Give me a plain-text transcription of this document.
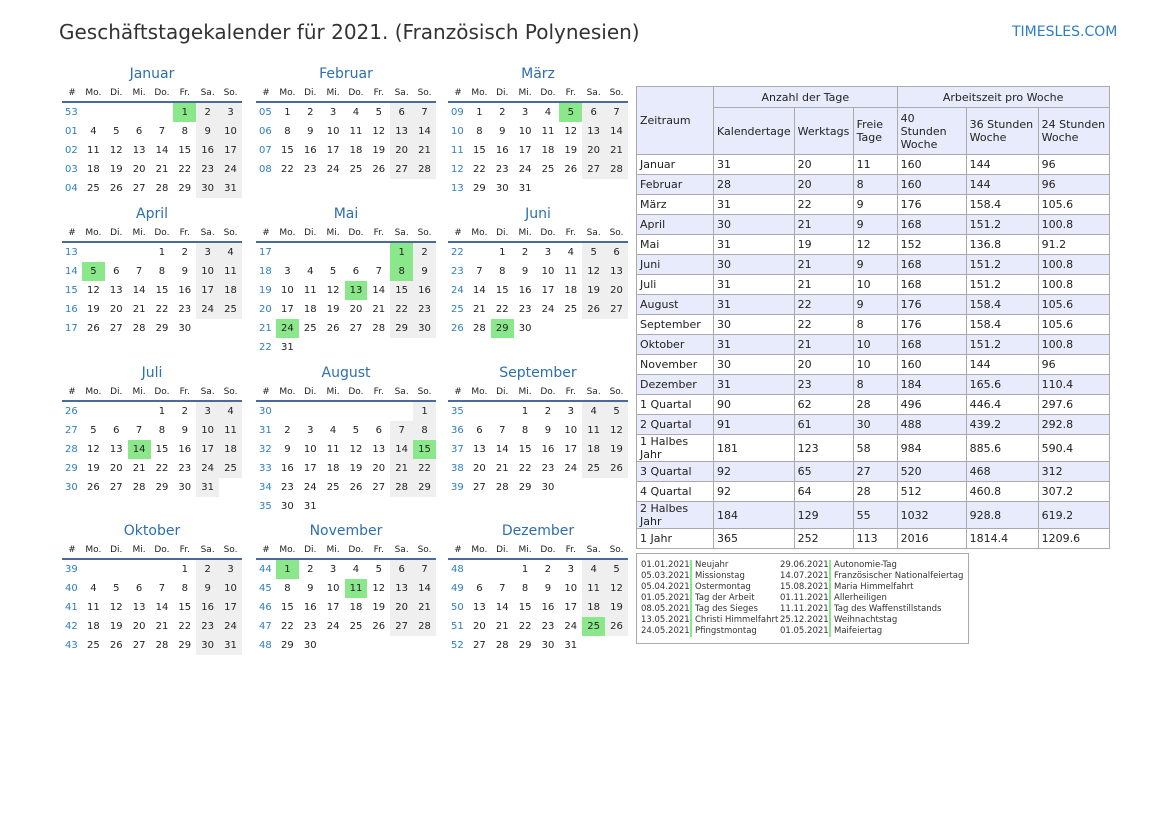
Geschäftstagekalender für 2021. (Französisch Polynesien)	TIMESLES.COM
Januar
#	Mo.	Di.	Mi.	Do.	Fr.	Sa.	So.
53					1	2	3
01	4	5	6	7	8	9	10
02	11	12	13	14	15	16	17
03	18	19	20	21	22	23	24
04	25	26	27	28	29	30	31
Februar
#	Mo.	Di.	Mi.	Do.	Fr.	Sa.	So.
05	1	2	3	4	5	6	7
06	8	9	10	11	12	13	14
07	15	16	17	18	19	20	21
08	22	23	24	25	26	27	28
März
#	Mo.	Di.	Mi.	Do.	Fr.	Sa.	So.
09	1	2	3	4	5	6	7
10	8	9	10	11	12	13	14
11	15	16	17	18	19	20	21
12	22	23	24	25	26	27	28
13	29	30	31				
April
#	Mo.	Di.	Mi.	Do.	Fr.	Sa.	So.
13				1	2	3	4
14	5	6	7	8	9	10	11
15	12	13	14	15	16	17	18
16	19	20	21	22	23	24	25
17	26	27	28	29	30		
Mai
#	Mo.	Di.	Mi.	Do.	Fr.	Sa.	So.
17						1	2
18	3	4	5	6	7	8	9
19	10	11	12	13	14	15	16
20	17	18	19	20	21	22	23
21	24	25	26	27	28	29	30
22	31						
Juni
#	Mo.	Di.	Mi.	Do.	Fr.	Sa.	So.
22		1	2	3	4	5	6
23	7	8	9	10	11	12	13
24	14	15	16	17	18	19	20
25	21	22	23	24	25	26	27
26	28	29	30				
Juli
#	Mo.	Di.	Mi.	Do.	Fr.	Sa.	So.
26				1	2	3	4
27	5	6	7	8	9	10	11
28	12	13	14	15	16	17	18
29	19	20	21	22	23	24	25
30	26	27	28	29	30	31	
August
#	Mo.	Di.	Mi.	Do.	Fr.	Sa.	So.
30							1
31	2	3	4	5	6	7	8
32	9	10	11	12	13	14	15
33	16	17	18	19	20	21	22
34	23	24	25	26	27	28	29
35	30	31					
September
#	Mo.	Di.	Mi.	Do.	Fr.	Sa.	So.
35			1	2	3	4	5
36	6	7	8	9	10	11	12
37	13	14	15	16	17	18	19
38	20	21	22	23	24	25	26
39	27	28	29	30			
Oktober
#	Mo.	Di.	Mi.	Do.	Fr.	Sa.	So.
39					1	2	3
40	4	5	6	7	8	9	10
41	11	12	13	14	15	16	17
42	18	19	20	21	22	23	24
43	25	26	27	28	29	30	31
November
#	Mo.	Di.	Mi.	Do.	Fr.	Sa.	So.
44	1	2	3	4	5	6	7
45	8	9	10	11	12	13	14
46	15	16	17	18	19	20	21
47	22	23	24	25	26	27	28
48	29	30					
Dezember
#	Mo.	Di.	Mi.	Do.	Fr.	Sa.	So.
48			1	2	3	4	5
49	6	7	8	9	10	11	12
50	13	14	15	16	17	18	19
51	20	21	22	23	24	25	26
52	27	28	29	30	31		
Zeitraum	Anzahl der Tage			Arbeitszeit pro Woche		
	Kalendertage	Werktags	Freie Tage	40 Stunden Woche	36 Stunden Woche	24 Stunden Woche
Januar	31	20	11	160	144	96
Februar	28	20	8	160	144	96
März	31	22	9	176	158.4	105.6
April	30	21	9	168	151.2	100.8
Mai	31	19	12	152	136.8	91.2
Juni	30	21	9	168	151.2	100.8
Juli	31	21	10	168	151.2	100.8
August	31	22	9	176	158.4	105.6
September	30	22	8	176	158.4	105.6
Oktober	31	21	10	168	151.2	100.8
November	30	20	10	160	144	96
Dezember	31	23	8	184	165.6	110.4
1 Quartal	90	62	28	496	446.4	297.6
2 Quartal	91	61	30	488	439.2	292.8
1 Halbes Jahr	181	123	58	984	885.6	590.4
3 Quartal	92	65	27	520	468	312
4 Quartal	92	64	28	512	460.8	307.2
2 Halbes Jahr	184	129	55	1032	928.8	619.2
1 Jahr	365	252	113	2016	1814.4	1209.6
01.01.2021 Neujahr
05.03.2021 Missionstag
05.04.2021 Ostermontag
01.05.2021 Tag der Arbeit
08.05.2021 Tag des Sieges
13.05.2021 Christi Himmelfahrt
24.05.2021 Pfingstmontag
29.06.2021 Autonomie-Tag
14.07.2021 Französischer Nationalfeiertag
15.08.2021 Maria Himmelfahrt
01.11.2021 Allerheiligen
11.11.2021 Tag des Waffenstillstands
25.12.2021 Weihnachtstag
01.05.2021 Maifeiertag
